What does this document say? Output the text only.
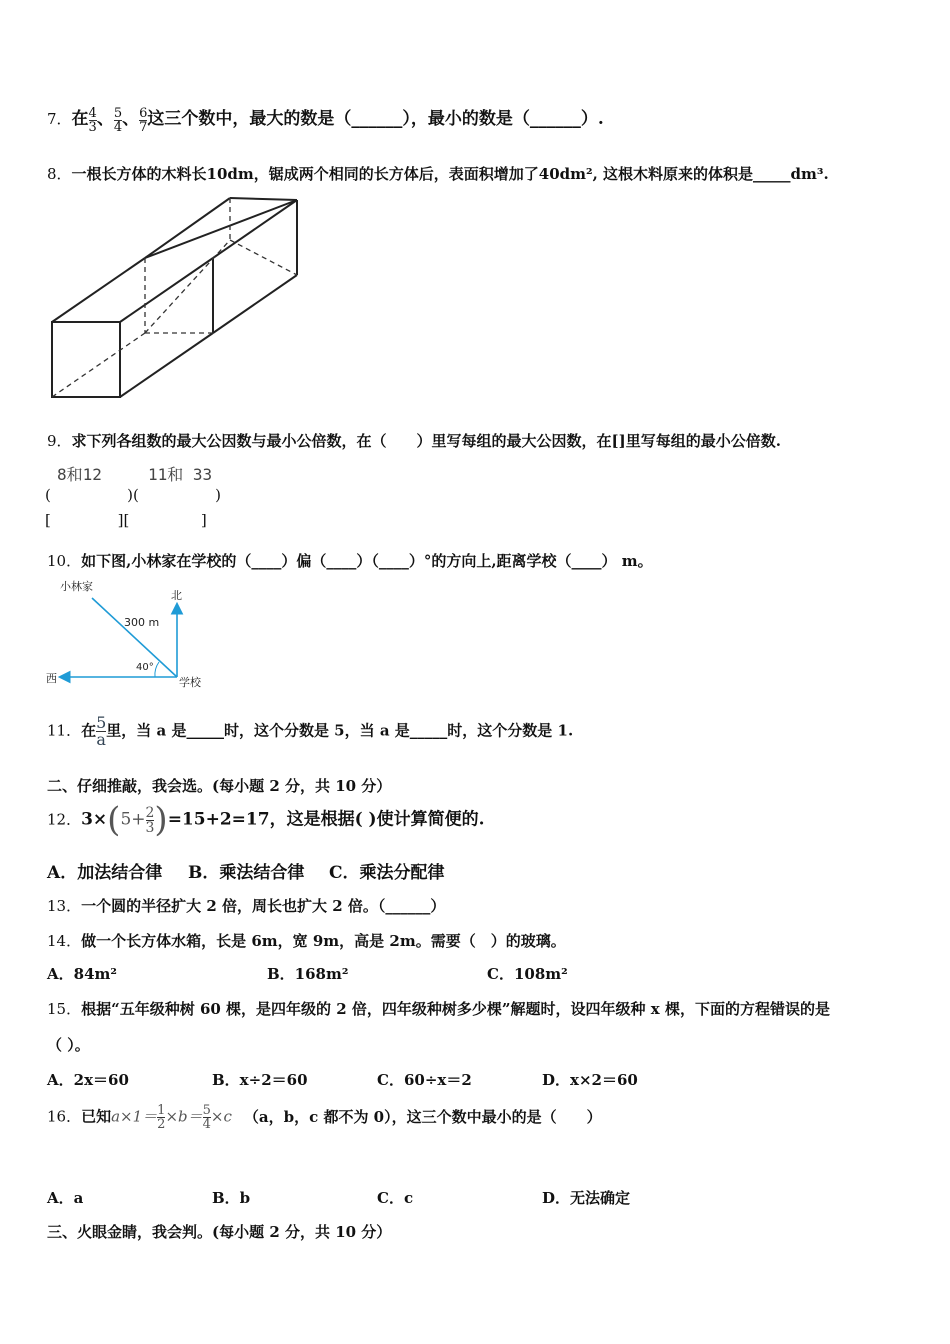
7．在 $\frac{4}{3}$ 、 $\frac{5}{4}$ 、 $\frac{6}{7}$ 这三个数中，最大的数是（______），最小的数是（______）.
8．一根长方体的木料长10dm，锯成两个相同的长方体后，表面积增加了40dm², 这根木料原来的体积是_____dm³.
9．求下列各组数的最大公因数与最小公倍数，在（　　）里写每组的最大公因数，在[]里写每组的最小公倍数.
8和12	11和 33
(                )(                )
[              ][               ]
10．如下图,小林家在学校的（____）偏（____）（____）°的方向上,距离学校（____） m。
小林家
北
西	学校
300 m
40°
11．在 $\frac{5}{a}$ 里，当 a 是_____时，这个分数是 5，当 a 是_____时，这个分数是 1.
二、仔细推敲，我会选。(每小题 2 分，共 10 分）
12．$3\times(5+ \frac{2}{3} )=15+2=17$，这是根据( )使计算简便的.
A．加法结合律 B．乘法结合律 C．乘法分配律
13．一个圆的半径扩大 2 倍，周长也扩大 2 倍。（______）
14．做一个长方体水箱，长是 6m，宽 9m，高是 2m。需要（　）的玻璃。
A．84m²	B．168m²	C．108m²
15．根据“五年级种树 60 棵，是四年级的 2 倍，四年级种树多少棵”解题时，设四年级种 x 棵，下面的方程错误的是
（ ）。
A．2x＝60	B．x÷2＝60	C．60÷x＝2	D．x×2＝60
16．已知$a\times 1= \frac{1}{2} \times b= \frac{5}{4} \times c$ （a，b，c 都不为 0），这三个数中最小的是（　　）
A．a	B．b	C．c	D．无法确定
三、火眼金睛，我会判。(每小题 2 分，共 10 分）
